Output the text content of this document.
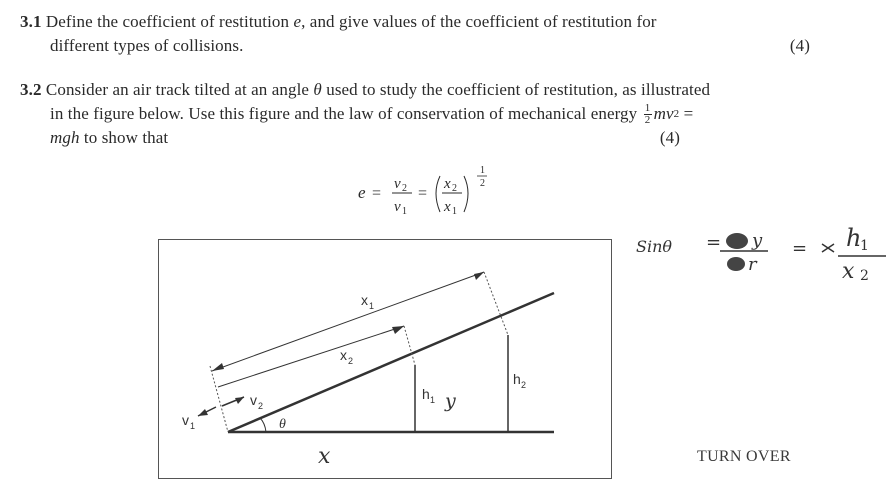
3.1 Define the coefficient of restitution e, and give values of the coefficient of restitution for
different types of collisions.	(4)
3.2 Consider an air track tilted at an angle θ used to study the coefficient of restitution, as illustrated
in the figure below. Use this figure and the law of conservation of mechanical energy $\frac{1}{2}$ mv 2 =
mgh to show that	(4)
e =
v 2
v 1
=
x 2
x 1
1
2
x 1
x 2
h 1
h 2
v 1
v 2
θ
y
x
Sinθ = y
r
= h
1
x 2
TURN OVER
